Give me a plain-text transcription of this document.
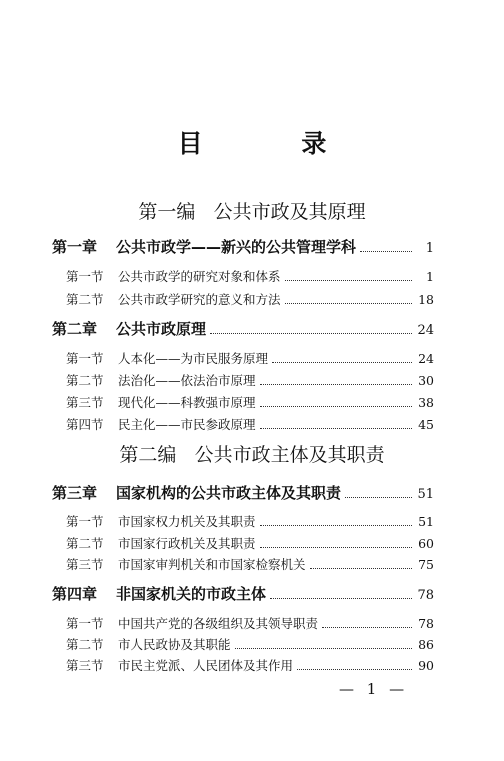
目 录
第一编 公共市政及其原理
第一章	公共市政学——新兴的公共管理学科	1
第一节	公共市政学的研究对象和体系	1
第二节	公共市政学研究的意义和方法	18
第二章	公共市政原理	24
第一节	人本化——为市民服务原理	24
第二节	法治化——依法治市原理	30
第三节	现代化——科教强市原理	38
第四节	民主化——市民参政原理	45
第二编 公共市政主体及其职责
第三章	国家机构的公共市政主体及其职责	51
第一节	市国家权力机关及其职责	51
第二节	市国家行政机关及其职责	60
第三节	市国家审判机关和市国家检察机关	75
第四章	非国家机关的市政主体	78
第一节	中国共产党的各级组织及其领导职责	78
第二节	市人民政协及其职能	86
第三节	市民主党派、人民团体及其作用	90
— 1 —
